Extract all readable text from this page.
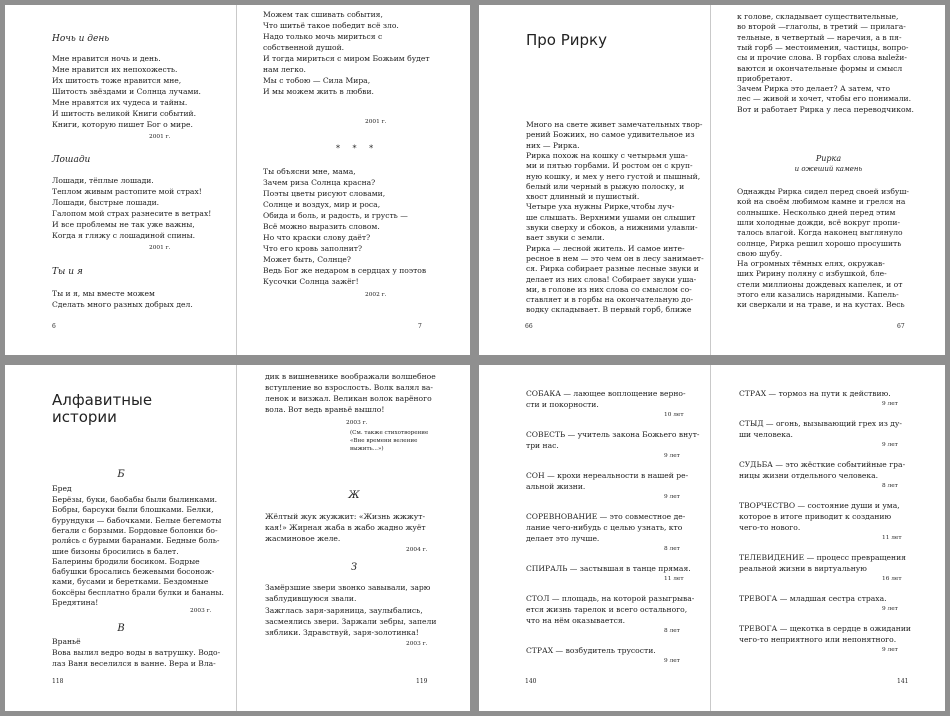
Ночь и день
Мне нравится ночь и день.
Мне нравится их непохожесть.
Их шитость тоже нравится мне,
Шитость звёздами и Солнца лучами.
Мне нравятся их чудеса и тайны.
И шитость великой Книги событий.
Книги, которую пишет Бог о мире.
2001 г.
Лошади
Лошади, тёплые лошади.
Теплом живым растопите мой страх!
Лошади, быстрые лошади.
Галопом мой страх разнесите в ветрах!
И все проблемы не так уже важны,
Когда я гляжу с лошадиной спины.
2001 г.
Ты и я
Ты и я, мы вместе можем
Сделать много разных добрых дел.
6
Можем так сшивать события,
Что шитьё такое победит всё зло.
Надо только мочь мириться с
собственной душой.
И тогда мириться с миром Божьим будет
нам легко.
Мы с тобою — Сила Мира,
И мы можем жить в любви.
2001 г.
* * *
Ты объясни мне, мама,
Зачем риза Солнца красна?
Поэты цветы рисуют словами,
Солнце и воздух, мир и роса,
Обида и боль, и радость, и грусть —
Всё можно выразить словом.
Но что краски слову даёт?
Что его кровь заполнит?
Может быть, Солнце?
Ведь Бог же недаром в сердцах у поэтов
Кусочки Солнца зажёг!
2002 г.
7
Про Рирку
Много на свете живет замечательных твор-
рений Божиих, но самое удивительное из
них — Рирка.
Рирка похож на кошку с четырьмя уша-
ми и пятью горбами. И ростом он с круп-
ную кошку, и мех у него густой и пышный,
белый или черный в рыжую полоску, и
хвост длинный и пушистый.
Четыре уха нужны Рирке,чтобы луч-
ше слышать. Верхними ушами он слышит
звуки сверху и сбоков, а нижними улавли-
вает звуки с земли.
Рирка — лесной житель. И самое инте-
ресное в нем — это чем он в лесу занимает-
ся. Рирка собирает разные лесные звуки и
делает из них слова! Собирает звуки уша-
ми, в голове из них слова со смыслом со-
ставляет и в горбы на окончательную до-
водку складывает. В первый горб, ближе
66
к голове, складывает существительные,
во второй —глаголы, в третий — прилага-
тельные, в четвертый — наречия, а в пя-
тый горб — местоимения, частицы, вопро-
сы и прочие слова. В горбах слова выležи-
ваются и окончательные формы и смысл
приобретают.
Зачем Рирка это делает? А затем, что
лес — живой и хочет, чтобы его понимали.
Вот и работает Рирка у леса переводчиком.
Рирка
и ожеший камень
Однажды Рирка сидел перед своей избуш-
кой на своём любимом камне и грелся на
солнышке. Несколько дней перед этим
шли холодные дожди, всё вокруг пропи-
талось влагой. Когда наконец выглянуло
солнце, Рирка решил хорошо просушить
свою шубу.
На огромных тёмных елях, окружав-
ших Ририну поляну с избушкой, бле-
стели миллионы дождевых капелек, и от
этого ели казались нарядными. Капель-
ки сверкали и на траве, и на кустах. Весь
67
Алфавитные
истории
Б
Бред
Берёзы, буки, баобабы были былинками.
Бобры, барсуки были блошками. Белки,
бурундуки — бабочками. Белые бегемоты
бегали с борзыми. Бордовые болонки бо-
роли́сь с бурыми баранами. Бедные боль-
шие бизоны бросились в балет.
Балерины бродили босиком. Бодрые
бабушки бросались бежевыми босонож-
ками, бусами и беретками. Бездомные
боксёры бесплатно брали булки и бананы.
Бредятина!
2003 г.
В
Враньё
Вова вылил ведро воды в ватрушку. Водо-
лаз Ваня веселился в ванне. Вера и Вла-
118
дик в вишневнике воображали волшебное
вступление во взрослость. Волк валял ва-
ленок и визжал. Великан волок варёного
вола. Вот ведь враньё вышло!
2003 г.
(См. также стихотворение
«Вне времени веление
выжить...»)
Ж
Жёлтый жук жужжит: «Жизнь жжжут-
кая!» Жирная жаба в жабо жадно жуёт
жасминовое желе.
2004 г.
З
Замёрзшие звери звонко завывали, зарю
заблудившуюся звали.
Зажглась заря-заряница, заулыбались,
засмеялись звери. Заржали зебры, запели
зяблики. Здравствуй, заря-золотинка!
2003 г.
119	140
СОБАКА — лающее воплощение верно-
сти и покорности.
10 лет
СОВЕСТЬ — учитель закона Божьего внут-
три нас.
9 лет
СОН — крохи нереальности в нашей ре-
альной жизни.
9 лет
СОРЕВНОВАНИЕ — это совместное де-
лание чего-нибудь с целью узнать, кто
делает это лучше.
8 лет
СПИРАЛЬ — застывшая в танце прямая.
11 лет
СТОЛ — площадь, на которой разыгрыва-
ется жизнь тарелок и всего остального,
что на нём оказывается.
8 лет
СТРАХ — возбудитель трусости.
9 лет
141
СТРАХ — тормоз на пути к действию.
9 лет
СТЫД — огонь, вызывающий грех из ду-
ши человека.
9 лет
СУДЬБА — это жёсткие событийные гра-
ницы жизни отдельного человека.
8 лет
ТВОРЧЕСТВО — состояние души и ума,
которое в итоге приводит к созданию
чего-то нового.
11 лет
ТЕЛЕВИДЕНИЕ — процесс превращения
реальной жизни в виртуальную
16 лет
ТРЕВОГА — младшая сестра страха.
9 лет
ТРЕВОГА — щекотка в сердце в ожидании
чего-то неприятного или непонятного.
9 лет
